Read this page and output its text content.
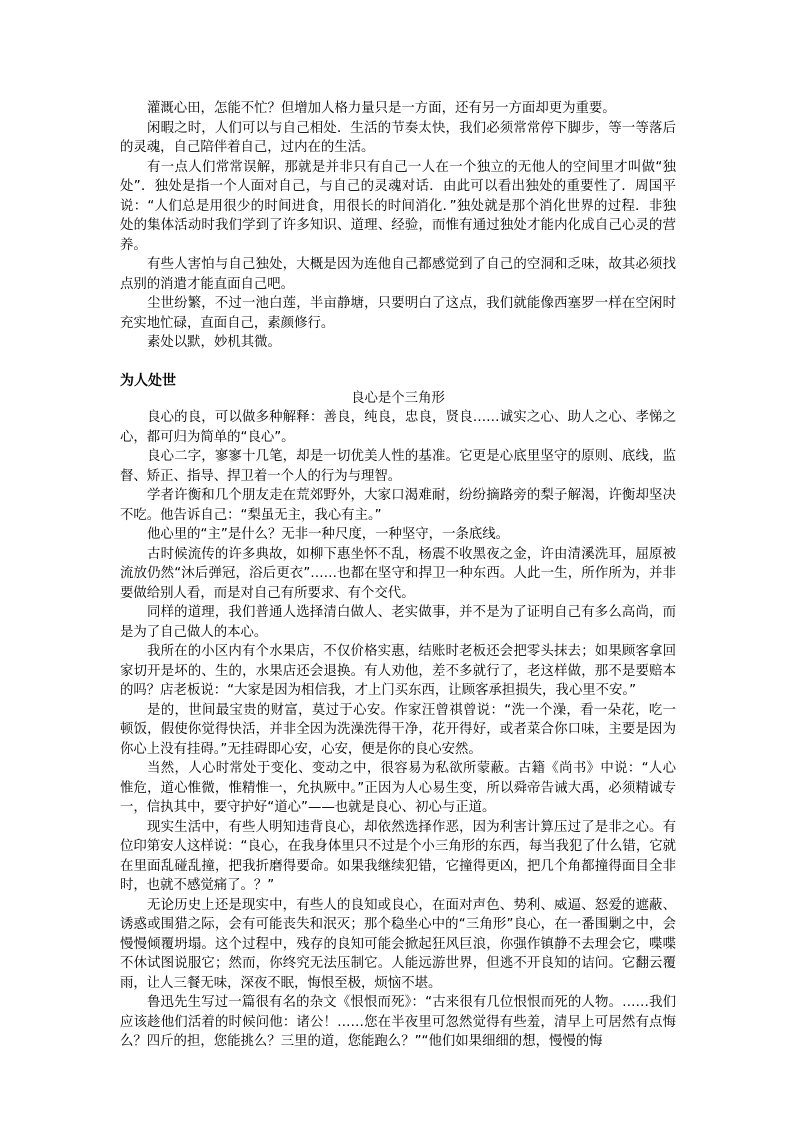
灌溉心田，怎能不忙？但增加人格力量只是一方面，还有另一方面却更为重要。

闲暇之时，人们可以与自己相处．生活的节奏太快，我们必须常常停下脚步，等一等落后的灵魂，自己陪伴着自己，过内在的生活。

有一点人们常常误解，那就是并非只有自己一人在一个独立的无他人的空间里才叫做“独处”．独处是指一个人面对自己，与自己的灵魂对话．由此可以看出独处的重要性了．周国平说：“人们总是用很少的时间进食，用很长的时间消化．”独处就是那个消化世界的过程．非独处的集体活动时我们学到了许多知识、道理、经验，而惟有通过独处才能内化成自己心灵的营养。

有些人害怕与自己独处，大概是因为连他自己都感觉到了自己的空洞和乏味，故其必须找点别的消遣才能直面自己吧。

尘世纷繁，不过一池白莲，半亩静塘，只要明白了这点，我们就能像西塞罗一样在空闲时充实地忙碌，直面自己，素颜修行。

素处以默，妙机其微。

为人处世
良心是个三角形

良心的良，可以做多种解释：善良，纯良，忠良，贤良……诚实之心、助人之心、孝悌之心，都可归为简单的“良心”。

良心二字，寥寥十几笔，却是一切优美人性的基准。它更是心底里坚守的原则、底线，监督、矫正、指导、捍卫着一个人的行为与理智。

学者许衡和几个朋友走在荒郊野外，大家口渴难耐，纷纷摘路旁的梨子解渴，许衡却坚决不吃。他告诉自己：“梨虽无主，我心有主。”

他心里的“主”是什么？无非一种尺度，一种坚守，一条底线。

古时候流传的许多典故，如柳下惠坐怀不乱，杨震不收黑夜之金，许由清溪洗耳，屈原被流放仍然“沐后弹冠，浴后更衣”……也都在坚守和捍卫一种东西。人此一生，所作所为，并非要做给别人看，而是对自己有所要求、有个交代。

同样的道理，我们普通人选择清白做人、老实做事，并不是为了证明自己有多么高尚，而是为了自己做人的本心。

我所在的小区内有个水果店，不仅价格实惠，结账时老板还会把零头抹去；如果顾客拿回家切开是坏的、生的，水果店还会退换。有人劝他，差不多就行了，老这样做，那不是要赔本的吗？店老板说：“大家是因为相信我，才上门买东西，让顾客承担损失，我心里不安。”

是的，世间最宝贵的财富，莫过于心安。作家汪曾祺曾说：“洗一个澡，看一朵花，吃一顿饭，假使你觉得快活，并非全因为洗澡洗得干净，花开得好，或者菜合你口味，主要是因为你心上没有挂碍。”无挂碍即心安，心安，便是你的良心安然。

当然，人心时常处于变化、变动之中，很容易为私欲所蒙蔽。古籍《尚书》中说：“人心惟危，道心惟微，惟精惟一，允执厥中。”正因为人心易生变，所以舜帝告诫大禹，必须精诚专一，信执其中，要守护好“道心”——也就是良心、初心与正道。

现实生活中，有些人明知违背良心，却依然选择作恶，因为利害计算压过了是非之心。有位印第安人这样说：“良心，在我身体里只不过是个小三角形的东西，每当我犯了什么错，它就在里面乱碰乱撞，把我折磨得要命。如果我继续犯错，它撞得更凶，把几个角都撞得面目全非时，也就不感觉痛了。？”

无论历史上还是现实中，有些人的良知或良心，在面对声色、势利、威逼、怒爱的遮蔽、诱惑或围猎之际，会有可能丧失和泯灭；那个稳坐心中的“三角形”良心，在一番围剿之中，会慢慢倾覆坍塌。这个过程中，残存的良知可能会掀起狂风巨浪，你强作镇静不去理会它，喋喋不休试图说服它；然而，你终究无法压制它。人能远游世界，但逃不开良知的诘问。它翻云覆雨，让人三餐无味，深夜不眠，悔恨至极，烦恼不堪。

鲁迅先生写过一篇很有名的杂文《恨恨而死》：“古来很有几位恨恨而死的人物。……我们应该趁他们活着的时候问他：诸公！……您在半夜里可忽然觉得有些羞，清早上可居然有点悔么？四斤的担，您能挑么？三里的道，您能跑么？”“他们如果细细的想，慢慢的悔
